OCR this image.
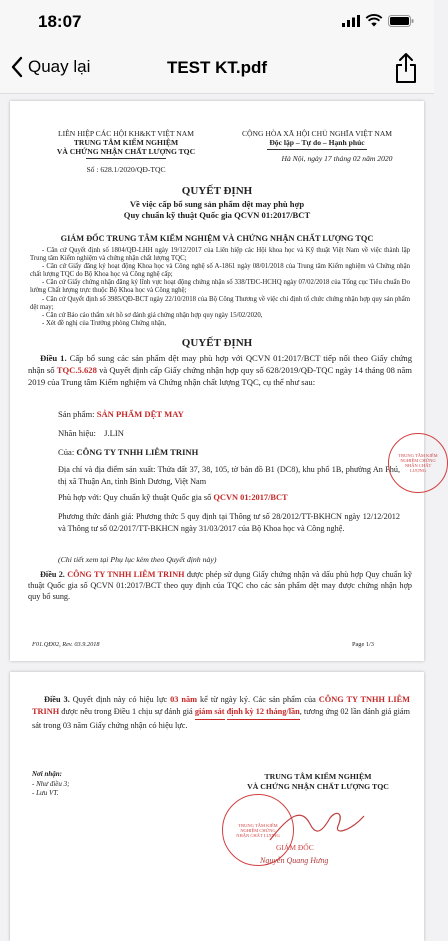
18:07
Quay lại	TEST KT.pdf
LIÊN HIỆP CÁC HỘI KH&KT VIỆT NAM
TRUNG TÂM KIỂM NGHIỆM
VÀ CHỨNG NHẬN CHẤT LƯỢNG TQC
Số : 628.1/2020/QĐ-TQC
CỘNG HÒA XÃ HỘI CHỦ NGHĨA VIỆT NAM
Độc lập – Tự do – Hạnh phúc
Hà Nội, ngày 17 tháng 02 năm 2020
QUYẾT ĐỊNH
Về việc cấp bổ sung sản phẩm dệt may phù hợp
Quy chuẩn kỹ thuật Quốc gia QCVN 01:2017/BCT
GIÁM ĐỐC TRUNG TÂM KIỂM NGHIỆM VÀ CHỨNG NHẬN CHẤT LƯỢNG TQC
- Căn cứ Quyết định số 1804/QĐ-LHH ngày 19/12/2017 của Liên hiệp các Hội khoa học và Kỹ thuật Việt Nam về việc thành lập Trung tâm Kiểm nghiệm và chứng nhận chất lượng TQC;
- Căn cứ Giấy đăng ký hoạt động Khoa học và Công nghệ số A-1861 ngày 08/01/2018 của Trung tâm Kiểm nghiệm và Chứng nhận chất lượng TQC do Bộ Khoa học và Công nghệ cấp;
- Căn cứ Giấy chứng nhận đăng ký lĩnh vực hoạt động chứng nhận số 338/TĐC-HCHQ ngày 07/02/2018 của Tổng cục Tiêu chuẩn Đo lường Chất lượng trực thuộc Bộ Khoa học và Công nghệ;
- Căn cứ Quyết định số 3985/QĐ-BCT ngày 22/10/2018 của Bộ Công Thương về việc chỉ định tổ chức chứng nhận hợp quy sản phẩm dệt may;
- Căn cứ Báo cáo thẩm xét hồ sơ đánh giá chứng nhận hợp quy ngày 15/02/2020,
- Xét đề nghị của Trưởng phòng Chứng nhận,
QUYẾT ĐỊNH
Điều 1. Cấp bổ sung các sản phẩm dệt may phù hợp với QCVN 01:2017/BCT tiếp nối theo Giấy chứng nhận số TQC.5.628 và Quyết định cấp Giấy chứng nhận hợp quy số 628/2019/QĐ-TQC ngày 14 tháng 08 năm 2019 của Trung tâm Kiểm nghiệm và Chứng nhận chất lượng TQC, cụ thể như sau:
Sản phẩm: SẢN PHẨM DỆT MAY
Nhãn hiệu: J.LIN
Của: CÔNG TY TNHH LIÊM TRINH
Địa chỉ và địa điểm sản xuất: Thửa đất 37, 38, 105, tờ bản đồ B1 (DC8), khu phố 1B, phường An Phú, thị xã Thuận An, tỉnh Bình Dương, Việt Nam
Phù hợp với: Quy chuẩn kỹ thuật Quốc gia số QCVN 01:2017/BCT
Phương thức đánh giá: Phương thức 5 quy định tại Thông tư số 28/2012/TT-BKHCN ngày 12/12/2012 và Thông tư số 02/2017/TT-BKHCN ngày 31/03/2017 của Bộ Khoa học và Công nghệ.
(Chi tiết xem tại Phụ lục kèm theo Quyết định này)
Điều 2. CÔNG TY TNHH LIÊM TRINH được phép sử dụng Giấy chứng nhận và dấu phù hợp Quy chuẩn kỹ thuật Quốc gia số QCVN 01:2017/BCT theo quy định của TQC cho các sản phẩm dệt may được chứng nhận hợp quy bổ sung.
F01.QĐ02, Rev. 03.9.2018	Page 1/3
TRUNG TÂM KIỂM NGHIỆM CHỨNG NHẬN CHẤT LƯỢNG
Điều 3. Quyết định này có hiệu lực 03 năm kể từ ngày ký. Các sản phẩm của CÔNG TY TNHH LIÊM TRINH được nêu trong Điều 1 chịu sự đánh giá giám sát định kỳ 12 tháng/lần, tương ứng 02 lần đánh giá giám sát trong 03 năm Giấy chứng nhận có hiệu lực.
Nơi nhận:
- Như điều 3;
- Lưu VT.
TRUNG TÂM KIỂM NGHIỆM
VÀ CHỨNG NHẬN CHẤT LƯỢNG TQC
TRUNG TÂM KIỂM NGHIỆM CHỨNG NHẬN CHẤT LƯỢNG
GIÁM ĐỐC
Nguyễn Quang Hưng
